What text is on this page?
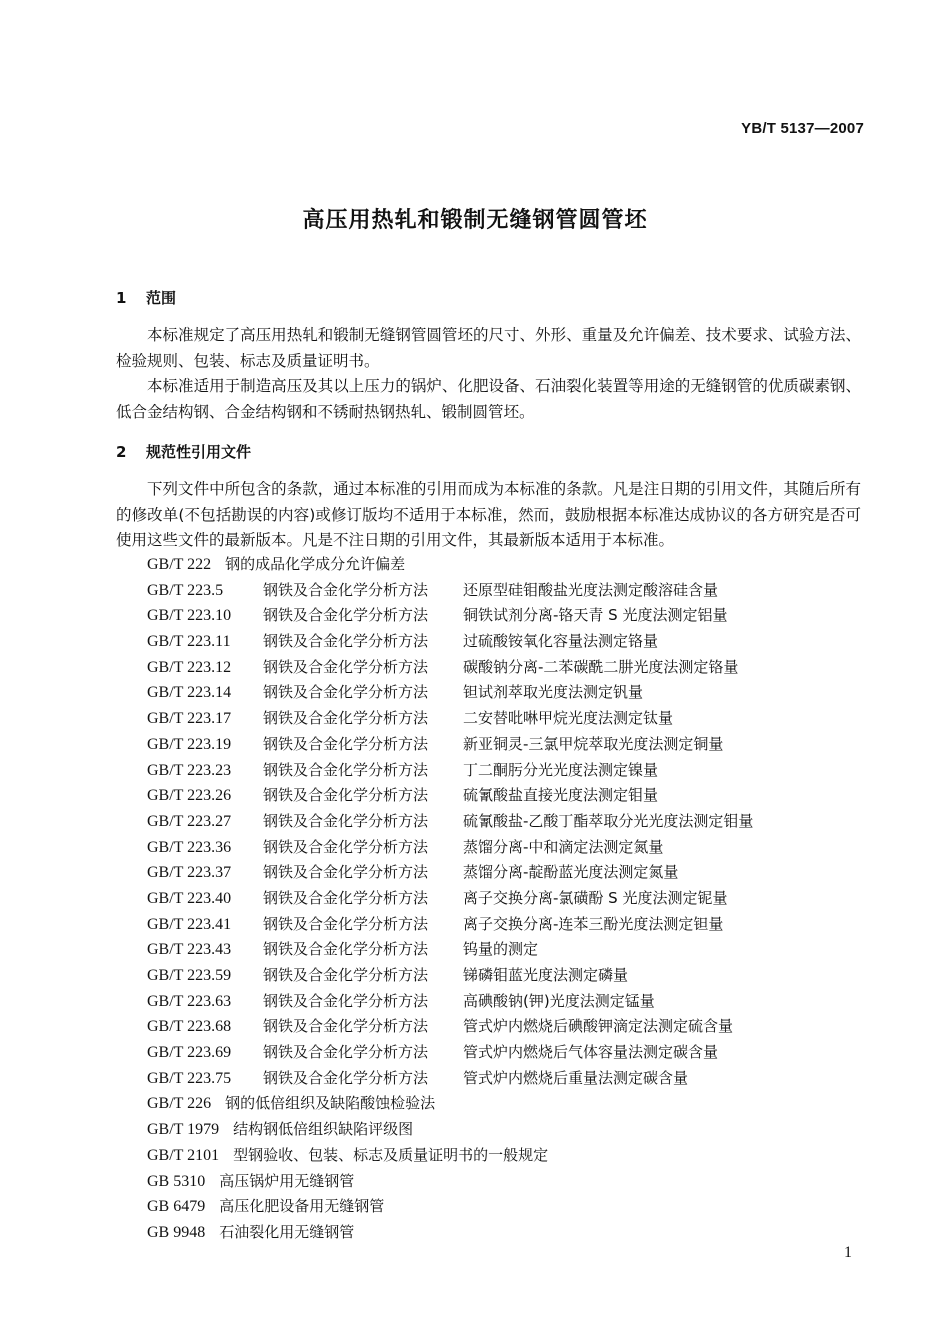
YB/T 5137—2007
高压用热轧和锻制无缝钢管圆管坯
1 范围
本标准规定了高压用热轧和锻制无缝钢管圆管坯的尺寸、外形、重量及允许偏差、技术要求、试验方法、检验规则、包装、标志及质量证明书。
本标准适用于制造高压及其以上压力的锅炉、化肥设备、石油裂化装置等用途的无缝钢管的优质碳素钢、低合金结构钢、合金结构钢和不锈耐热钢热轧、锻制圆管坯。
2 规范性引用文件
下列文件中所包含的条款，通过本标准的引用而成为本标准的条款。凡是注日期的引用文件，其随后所有的修改单(不包括勘误的内容)或修订版均不适用于本标准，然而，鼓励根据本标准达成协议的各方研究是否可使用这些文件的最新版本。凡是不注日期的引用文件，其最新版本适用于本标准。
GB/T 222 钢的成品化学成分允许偏差
GB/T 223.5	钢铁及合金化学分析方法 还原型硅钼酸盐光度法测定酸溶硅含量
GB/T 223.10 钢铁及合金化学分析方法 铜铁试剂分离-铬天青 S 光度法测定铝量
GB/T 223.11 钢铁及合金化学分析方法 过硫酸铵氧化容量法测定铬量
GB/T 223.12 钢铁及合金化学分析方法 碳酸钠分离-二苯碳酰二肼光度法测定铬量
GB/T 223.14 钢铁及合金化学分析方法 钽试剂萃取光度法测定钒量
GB/T 223.17 钢铁及合金化学分析方法 二安替吡啉甲烷光度法测定钛量
GB/T 223.19 钢铁及合金化学分析方法 新亚铜灵-三氯甲烷萃取光度法测定铜量
GB/T 223.23 钢铁及合金化学分析方法 丁二酮肟分光光度法测定镍量
GB/T 223.26 钢铁及合金化学分析方法 硫氰酸盐直接光度法测定钼量
GB/T 223.27 钢铁及合金化学分析方法 硫氰酸盐-乙酸丁酯萃取分光光度法测定钼量
GB/T 223.36 钢铁及合金化学分析方法 蒸馏分离-中和滴定法测定氮量
GB/T 223.37 钢铁及合金化学分析方法 蒸馏分离-靛酚蓝光度法测定氮量
GB/T 223.40 钢铁及合金化学分析方法 离子交换分离-氯磺酚 S 光度法测定铌量
GB/T 223.41 钢铁及合金化学分析方法 离子交换分离-连苯三酚光度法测定钽量
GB/T 223.43 钢铁及合金化学分析方法 钨量的测定
GB/T 223.59 钢铁及合金化学分析方法 锑磷钼蓝光度法测定磷量
GB/T 223.63 钢铁及合金化学分析方法 高碘酸钠(钾)光度法测定锰量
GB/T 223.68 钢铁及合金化学分析方法 管式炉内燃烧后碘酸钾滴定法测定硫含量
GB/T 223.69 钢铁及合金化学分析方法 管式炉内燃烧后气体容量法测定碳含量
GB/T 223.75 钢铁及合金化学分析方法 管式炉内燃烧后重量法测定碳含量
GB/T 226 钢的低倍组织及缺陷酸蚀检验法
GB/T 1979 结构钢低倍组织缺陷评级图
GB/T 2101 型钢验收、包装、标志及质量证明书的一般规定
GB 5310 高压锅炉用无缝钢管
GB 6479 高压化肥设备用无缝钢管
GB 9948 石油裂化用无缝钢管
1
